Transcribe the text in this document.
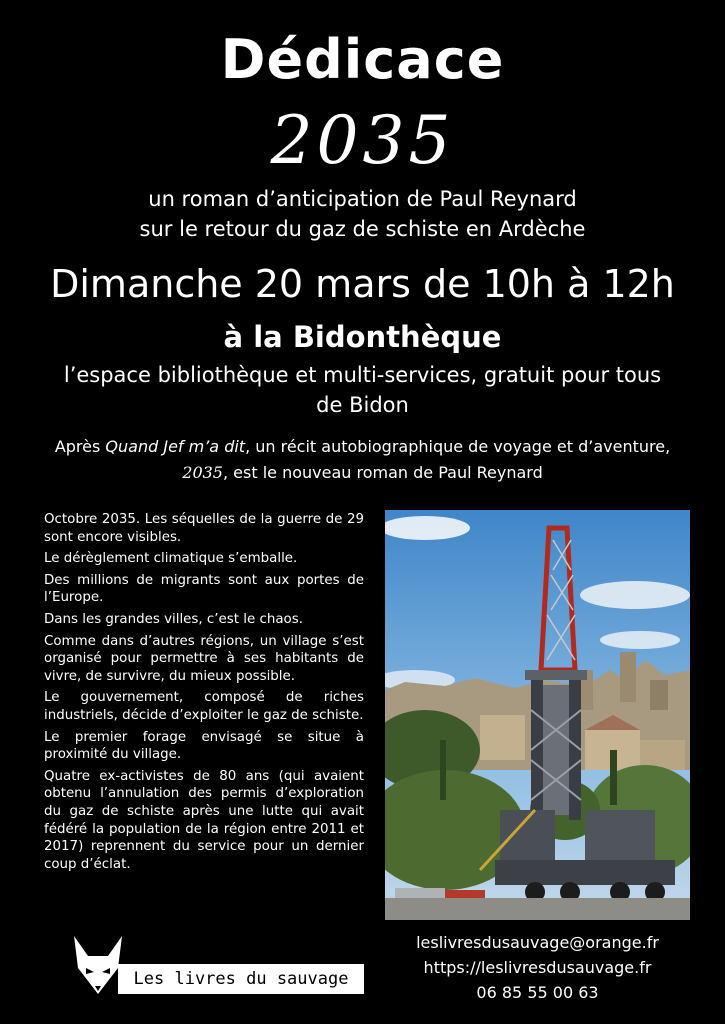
Dédicace
2035
un roman d’anticipation de Paul Reynard
sur le retour du gaz de schiste en Ardèche
Dimanche 20 mars de 10h à 12h
à la Bidonthèque
l’espace bibliothèque et multi-services, gratuit pour tous
de Bidon
Après Quand Jef m’a dit, un récit autobiographique de voyage et d’aventure,
2035, est le nouveau roman de Paul Reynard

Octobre 2035. Les séquelles de la guerre de 29 sont encore visibles.

Le dérèglement climatique s’emballe.

Des millions de migrants sont aux portes de l’Europe.

Dans les grandes villes, c’est le chaos.

Comme dans d’autres régions, un village s’est organisé pour permettre à ses habitants de vivre, de survivre, du mieux possible.

Le gouvernement, composé de riches industriels, décide d’exploiter le gaz de schiste.

Le premier forage envisagé se situe à proximité du village.

Quatre ex-activistes de 80 ans (qui avaient obtenu l’annulation des permis d’exploration du gaz de schiste après une lutte qui avait fédéré la population de la région entre 2011 et 2017) reprennent du service pour un dernier coup d’éclat.

Les livres du sauvage
leslivresdusauvage@orange.fr
https://leslivresdusauvage.fr
06 85 55 00 63
